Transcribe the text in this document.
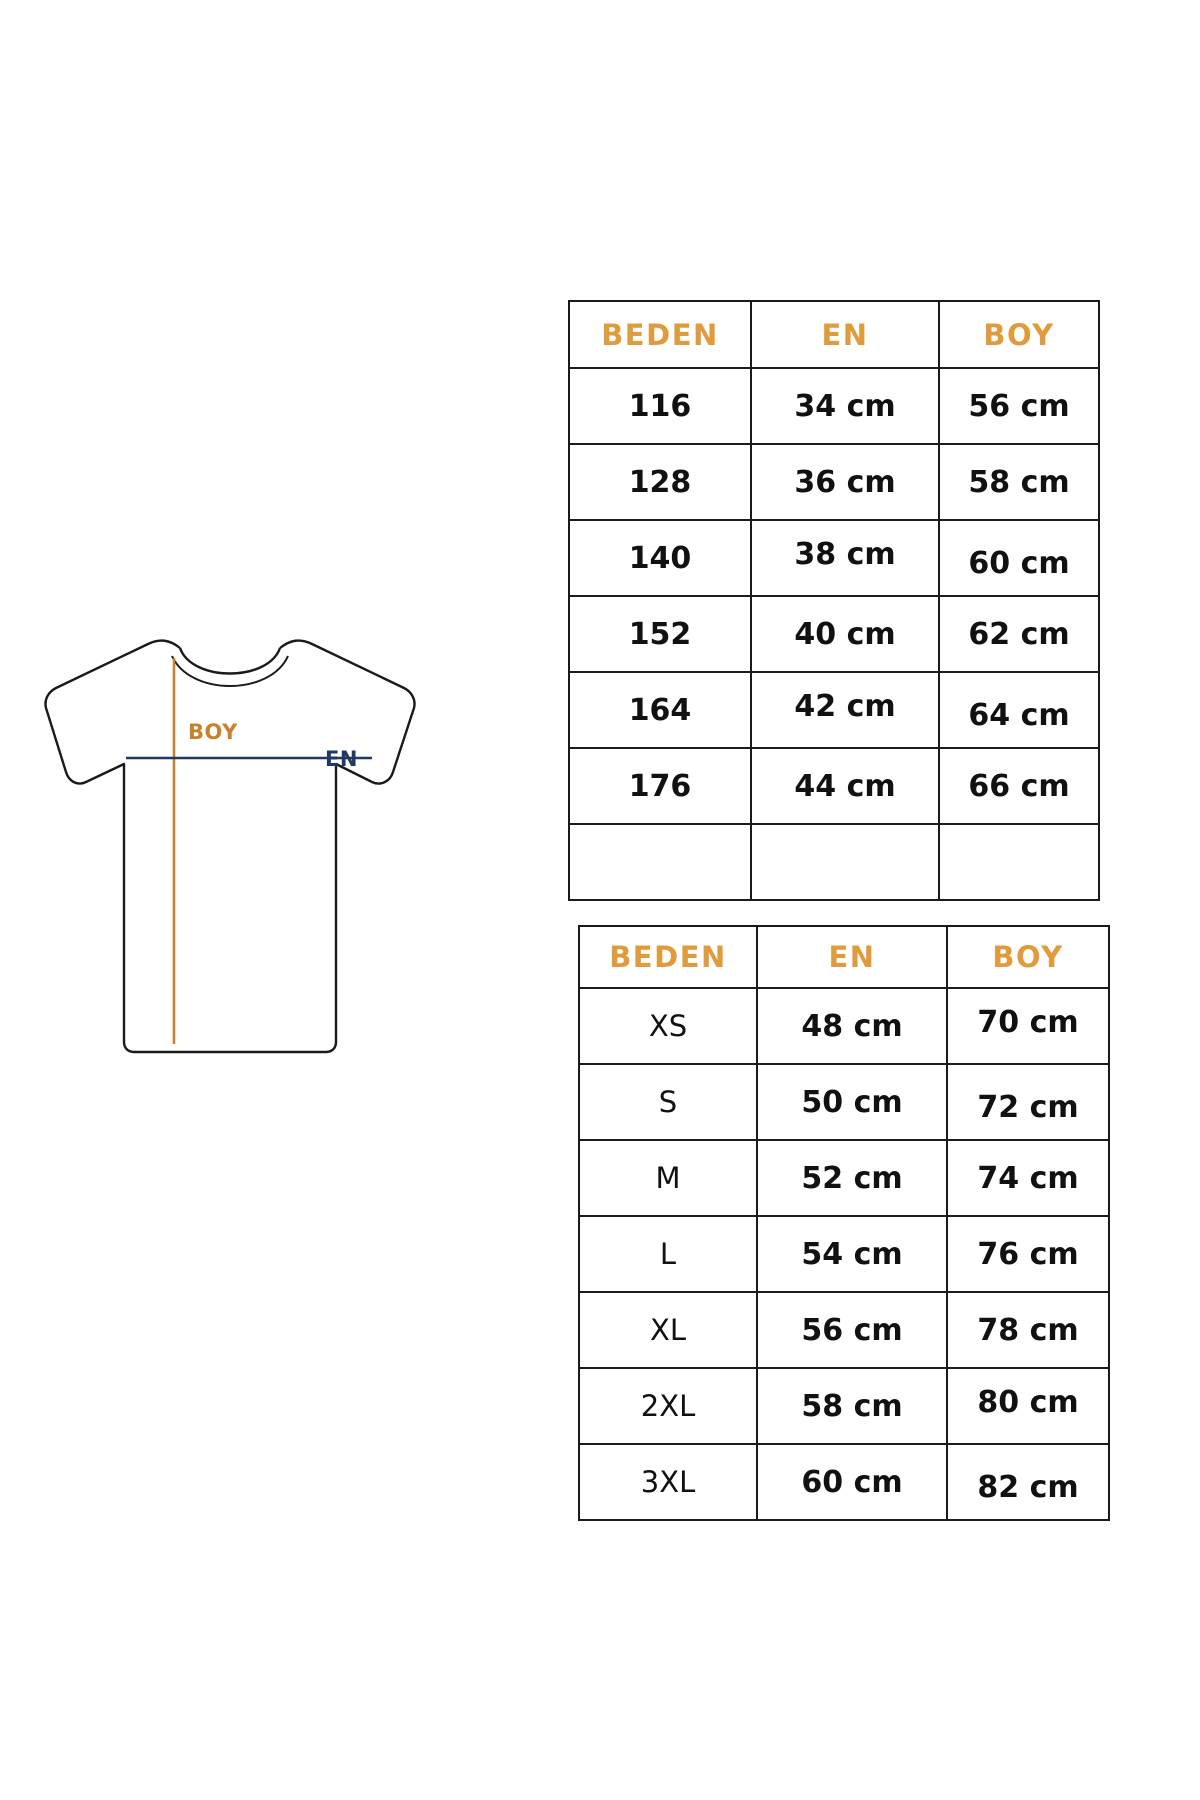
BOY
EN
BEDEN	EN	BOY
116	34 cm	56 cm
128	36 cm	58 cm
140	38 cm	60 cm
152	40 cm	62 cm
164	42 cm	64 cm
176	44 cm	66 cm

BEDEN	EN	BOY
XS	48 cm	70 cm
S	50 cm	72 cm
M	52 cm	74 cm
L	54 cm	76 cm
XL	56 cm	78 cm
2XL	58 cm	80 cm
3XL	60 cm	82 cm
